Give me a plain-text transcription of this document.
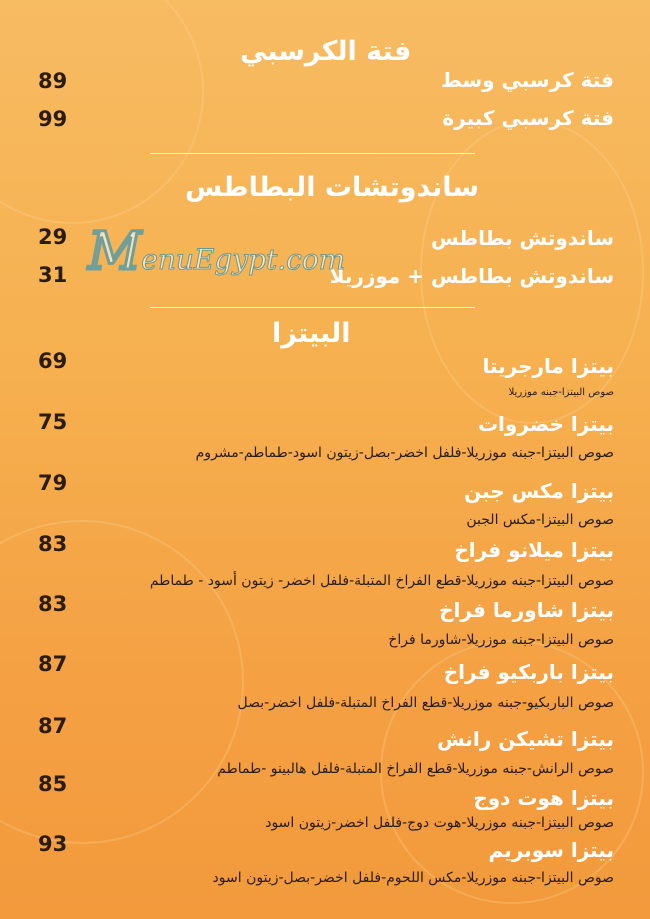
فتة الكرسبي
فتة كرسبي وسط
89
فتة كرسبي كبيرة
99
ساندوتشات البطاطس
ساندوتش بطاطس
29
ساندوتش بطاطس + موزريلا
31 MenuEgypt.com
البيتزا
بيتزا مارجريتا
صوص البيتزا-جبنه موزريلا
69
بيتزا خضروات
صوص البيتزا-جبنه موزريلا-فلفل اخضر-بصل-زيتون اسود-طماطم-مشروم
75
بيتزا مكس جبن
صوص البيتزا-مكس الجبن
79
بيتزا ميلانو فراخ
صوص البيتزا-جبنه موزريلا-قطع الفراخ المتبلة-فلفل اخضر- زيتون أسود - طماطم
83
بيتزا شاورما فراخ
صوص البيتزا-جبنه موزريلا-شاورما فراخ
83
بيتزا باربكيو فراخ
صوص الباربكيو-جبنه موزريلا-قطع الفراخ المتبلة-فلفل اخضر-بصل
87
بيتزا تشيكن رانش
صوص الرانش-جبنه موزريلا-قطع الفراخ المتبلة-فلفل هالبينو -طماطم
87
بيتزا هوت دوج
صوص البيتزا-جبنه موزريلا-هوت دوج-فلفل اخضر-زيتون اسود
85
بيتزا سوبريم
صوص البيتزا-جبنه موزريلا-مكس اللحوم-فلفل اخضر-بصل-زيتون اسود
93
